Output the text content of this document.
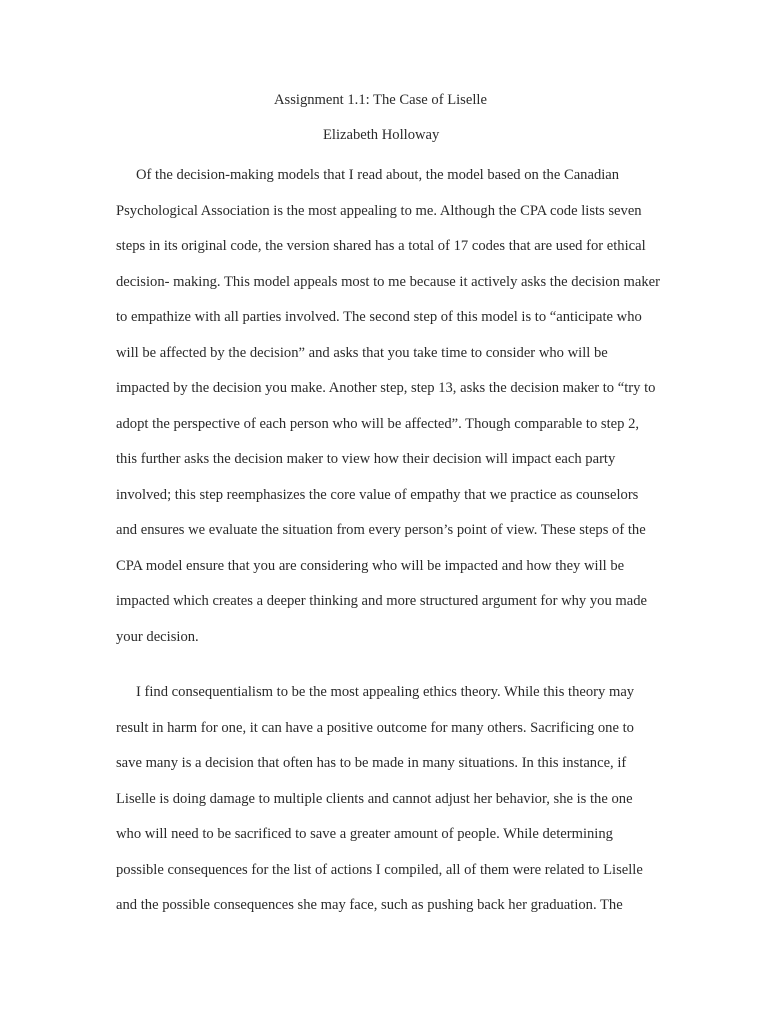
Assignment 1.1: The Case of Liselle
Elizabeth Holloway
Of the decision-making models that I read about, the model based on the Canadian
Psychological Association is the most appealing to me. Although the CPA code lists seven
steps in its original code, the version shared has a total of 17 codes that are used for ethical
decision- making. This model appeals most to me because it actively asks the decision maker
to empathize with all parties involved. The second step of this model is to “anticipate who
will be affected by the decision” and asks that you take time to consider who will be
impacted by the decision you make. Another step, step 13, asks the decision maker to “try to
adopt the perspective of each person who will be affected”. Though comparable to step 2,
this further asks the decision maker to view how their decision will impact each party
involved; this step reemphasizes the core value of empathy that we practice as counselors
and ensures we evaluate the situation from every person’s point of view. These steps of the
CPA model ensure that you are considering who will be impacted and how they will be
impacted which creates a deeper thinking and more structured argument for why you made
your decision.
I find consequentialism to be the most appealing ethics theory. While this theory may
result in harm for one, it can have a positive outcome for many others. Sacrificing one to
save many is a decision that often has to be made in many situations. In this instance, if
Liselle is doing damage to multiple clients and cannot adjust her behavior, she is the one
who will need to be sacrificed to save a greater amount of people. While determining
possible consequences for the list of actions I compiled, all of them were related to Liselle
and the possible consequences she may face, such as pushing back her graduation. The
